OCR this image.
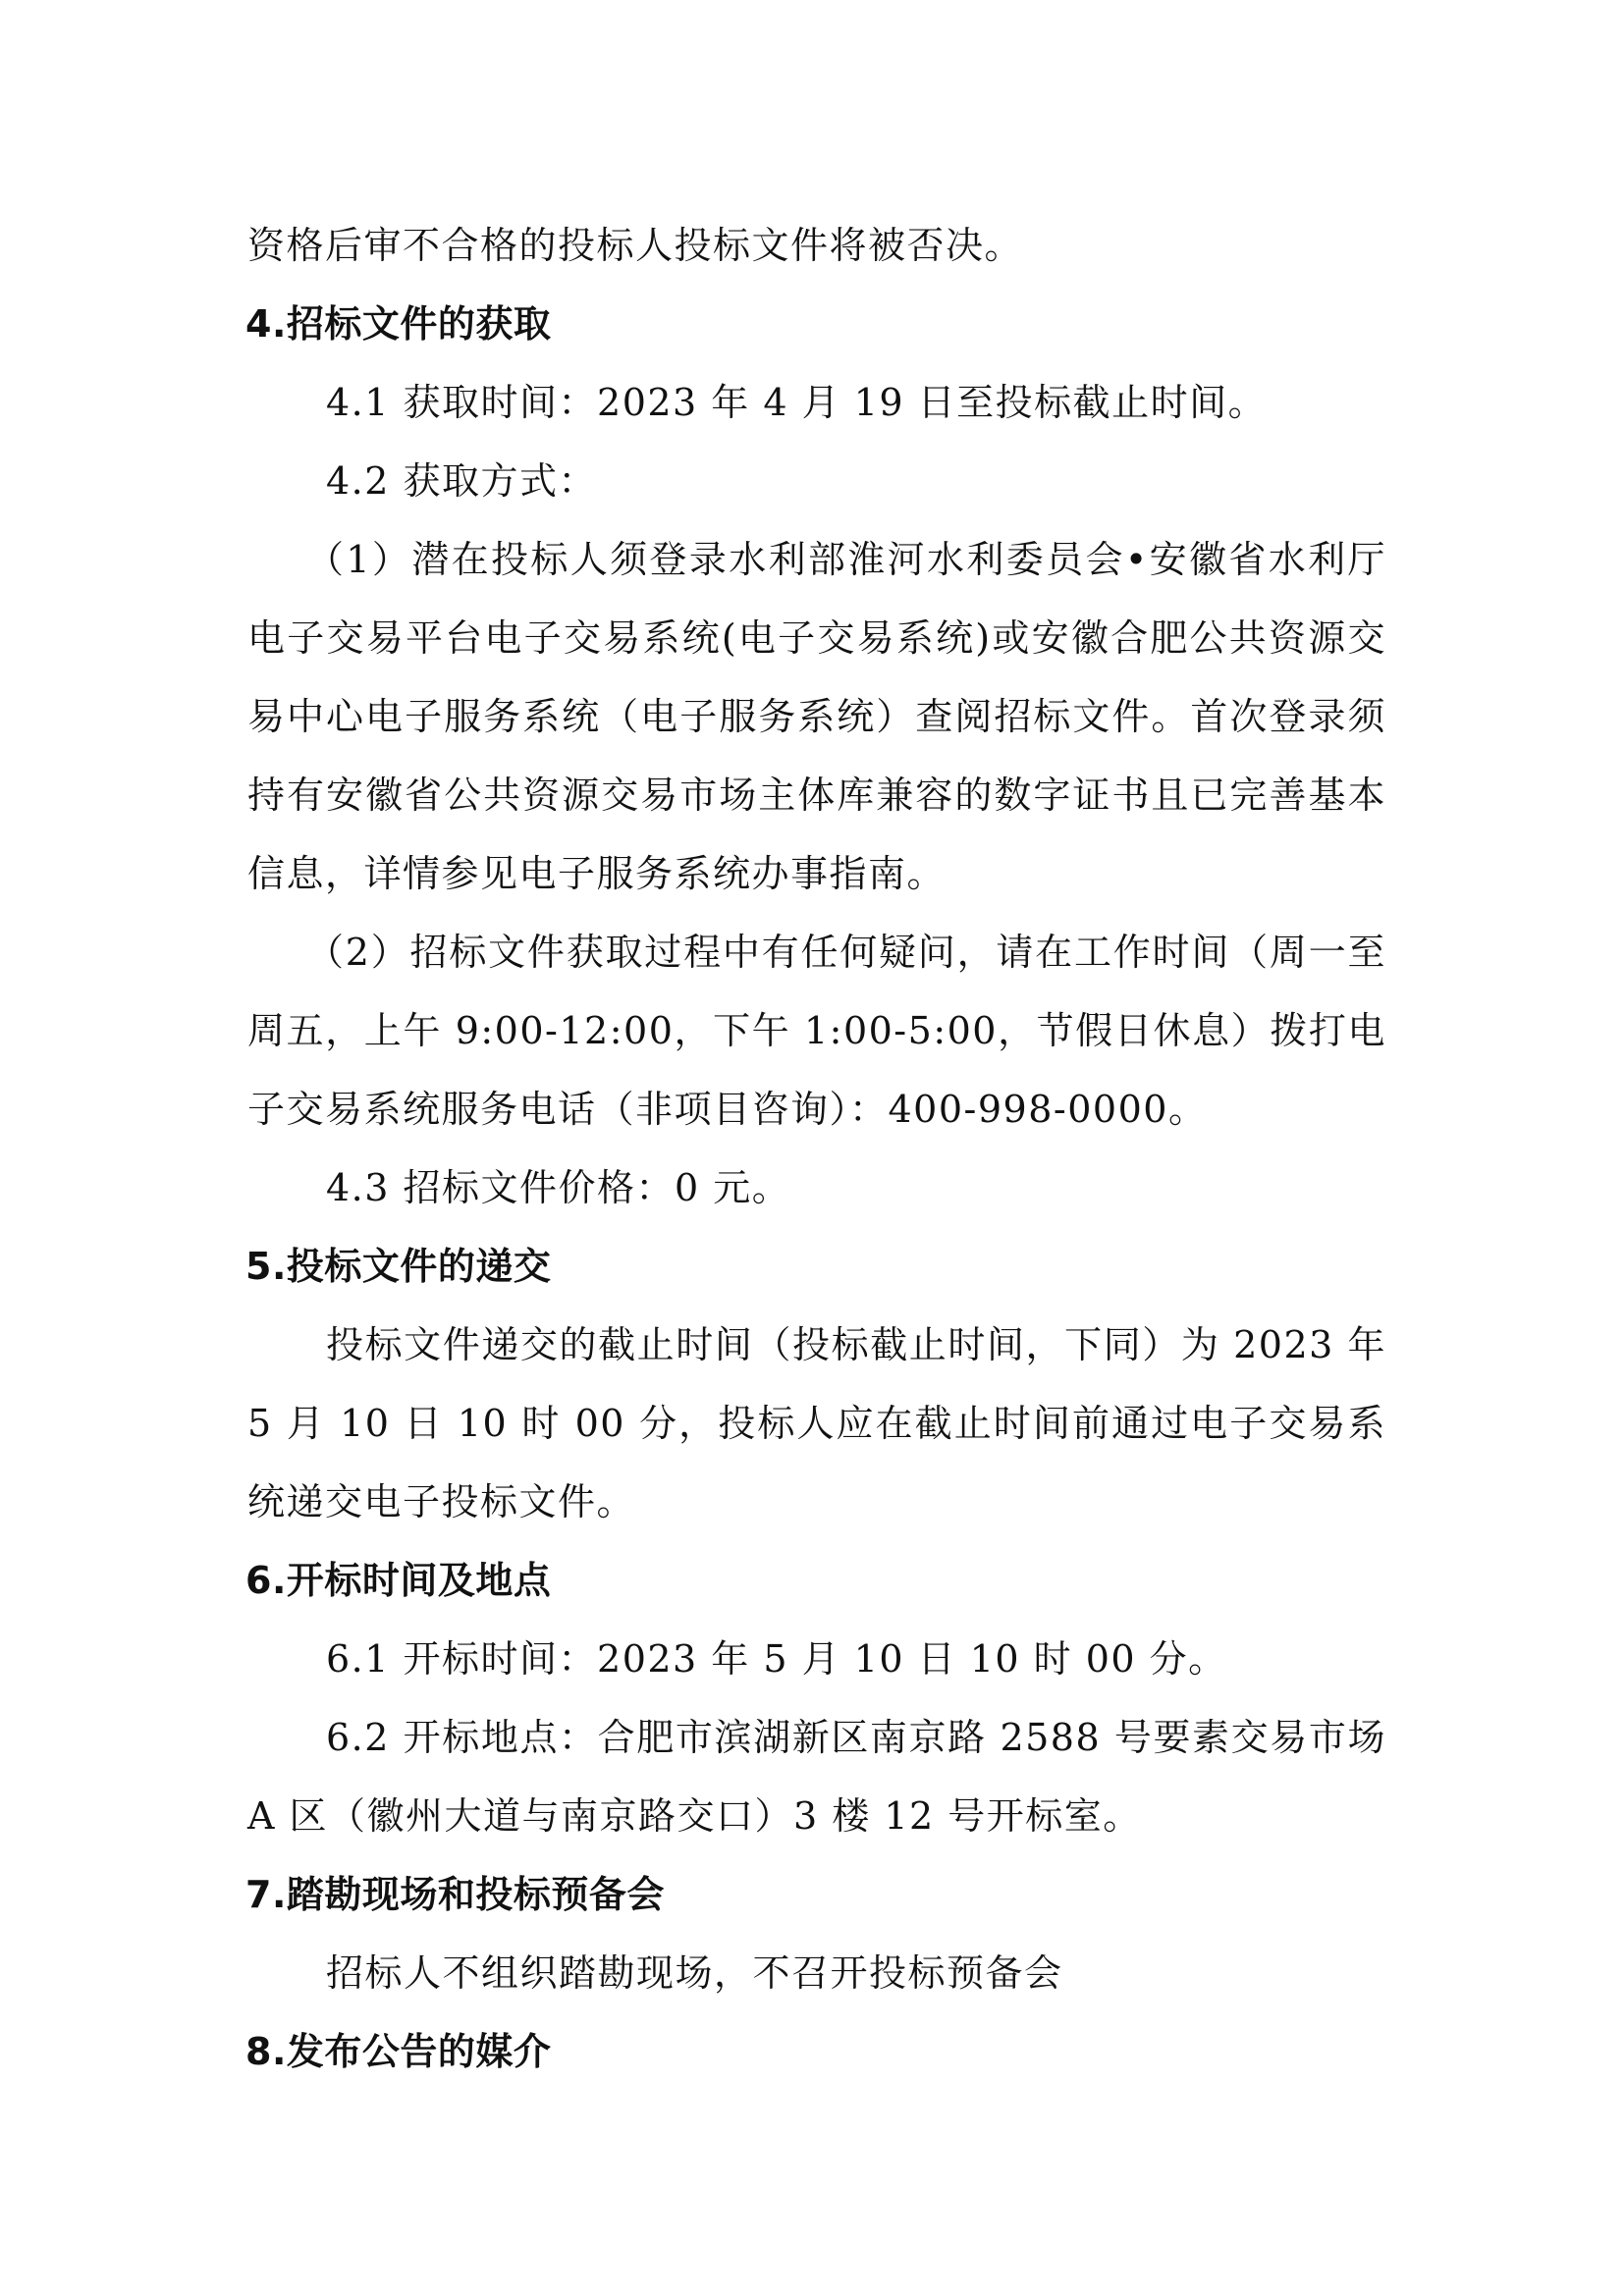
资格后审不合格的投标人投标文件将被否决。

4.招标文件的获取

4.1 获取时间：2023 年 4 月 19 日至投标截止时间。

4.2 获取方式：

（1）潜在投标人须登录水利部淮河水利委员会•安徽省水利厅电子交易平台电子交易系统(电子交易系统)或安徽合肥公共资源交易中心电子服务系统（电子服务系统）查阅招标文件。首次登录须持有安徽省公共资源交易市场主体库兼容的数字证书且已完善基本信息，详情参见电子服务系统办事指南。

（2）招标文件获取过程中有任何疑问，请在工作时间（周一至周五，上午 9:00-12:00，下午 1:00-5:00，节假日休息）拨打电子交易系统服务电话（非项目咨询）：400-998-0000。

4.3 招标文件价格：0 元。

5.投标文件的递交

投标文件递交的截止时间（投标截止时间，下同）为 2023 年 5 月 10 日 10 时 00 分，投标人应在截止时间前通过电子交易系统递交电子投标文件。

6.开标时间及地点

6.1 开标时间：2023 年 5 月 10 日 10 时 00 分。

6.2 开标地点：合肥市滨湖新区南京路 2588 号要素交易市场 A 区（徽州大道与南京路交口）3 楼 12 号开标室。

7.踏勘现场和投标预备会

招标人不组织踏勘现场，不召开投标预备会

8.发布公告的媒介
